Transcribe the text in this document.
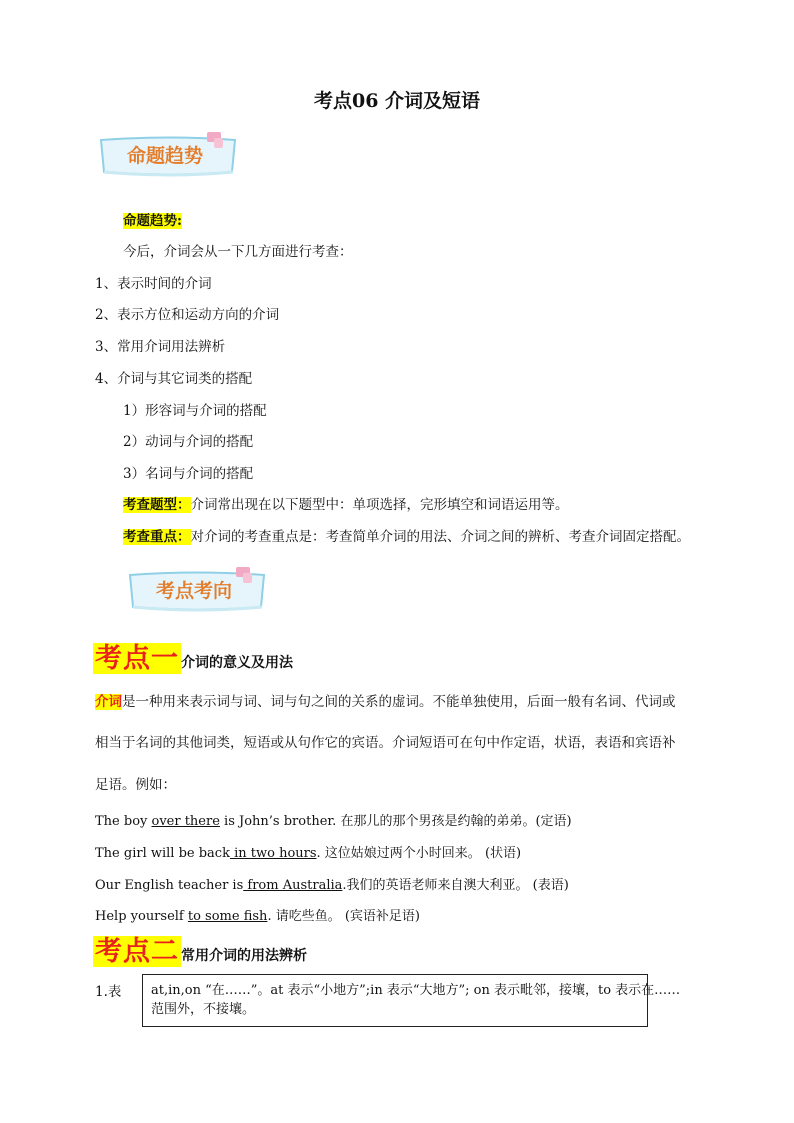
考点06 介词及短语
命题趋势
命题趋势:
今后，介词会从一下几方面进行考查：
1、表示时间的介词
2、表示方位和运动方向的介词
3、常用介词用法辨析
4、介词与其它词类的搭配
1）形容词与介词的搭配
2）动词与介词的搭配
3）名词与介词的搭配
考查题型：介词常出现在以下题型中：单项选择，完形填空和词语运用等。
考查重点：对介词的考查重点是：考查简单介词的用法、介词之间的辨析、考查介词固定搭配。
考点考向
考点一 介词的意义及用法
介词是一种用来表示词与词、词与句之间的关系的虚词。不能单独使用，后面一般有名词、代词或
相当于名词的其他词类，短语或从句作它的宾语。介词短语可在句中作定语，状语，表语和宾语补
足语。例如：
The boy over there is John’s brother. 在那儿的那个男孩是约翰的弟弟。(定语)
The girl will be back in two hours. 这位姑娘过两个小时回来。 (状语)
Our English teacher is from Australia.我们的英语老师来自澳大利亚。 (表语)
Help yourself to some fish. 请吃些鱼。 (宾语补足语)
考点二 常用介词的用法辨析
1.表 at,in,on “在……”。at 表示“小地方”;in 表示“大地方”; on 表示毗邻，接壤，to 表示在……
范围外，不接壤。
